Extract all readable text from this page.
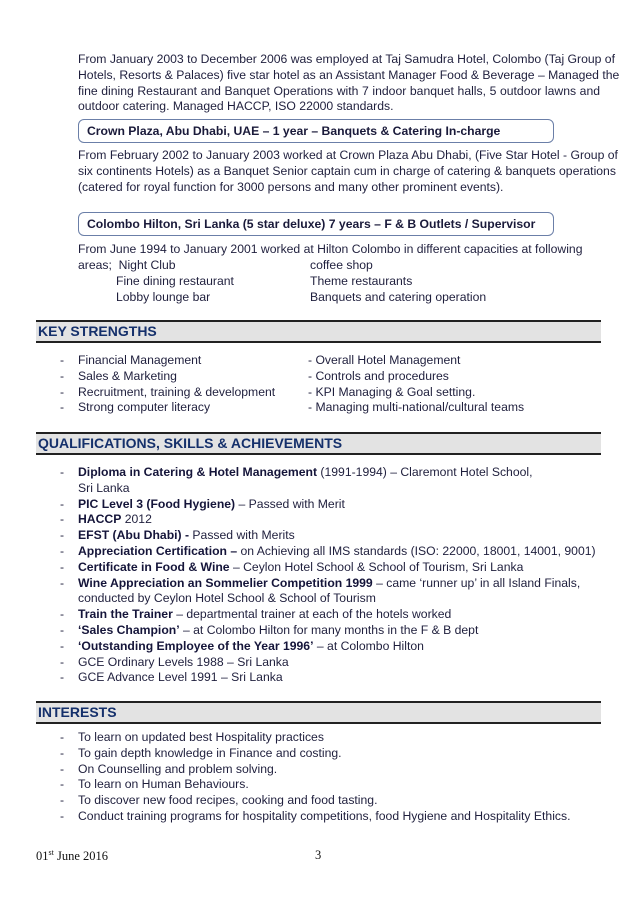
From January 2003 to December 2006 was employed at Taj Samudra Hotel, Colombo (Taj Group of
Hotels, Resorts & Palaces) five star hotel as an Assistant Manager Food & Beverage – Managed the
fine dining Restaurant and Banquet Operations with 7 indoor banquet halls, 5 outdoor lawns and
outdoor catering. Managed HACCP, ISO 22000 standards.
Crown Plaza, Abu Dhabi, UAE – 1 year – Banquets & Catering In-charge
From February 2002 to January 2003 worked at Crown Plaza Abu Dhabi, (Five Star Hotel - Group of
six continents Hotels) as a Banquet Senior captain cum in charge of catering & banquets operations
(catered for royal function for 3000 persons and many other prominent events).
Colombo Hilton, Sri Lanka (5 star deluxe) 7 years – F & B Outlets / Supervisor
From June 1994 to January 2001 worked at Hilton Colombo in different capacities at following
areas; Night Club	coffee shop
Fine dining restaurant	Theme restaurants
Lobby lounge bar	Banquets and catering operation
KEY STRENGTHS
- Financial Management	- Overall Hotel Management
- Sales & Marketing	- Controls and procedures
- Recruitment, training & development	- KPI Managing & Goal setting.
- Strong computer literacy	- Managing multi-national/cultural teams
QUALIFICATIONS, SKILLS & ACHIEVEMENTS
- Diploma in Catering & Hotel Management (1991-1994) – Claremont Hotel School,
Sri Lanka
- PIC Level 3 (Food Hygiene) – Passed with Merit
- HACCP 2012
- EFST (Abu Dhabi) - Passed with Merits
- Appreciation Certification – on Achieving all IMS standards (ISO: 22000, 18001, 14001, 9001)
- Certificate in Food & Wine – Ceylon Hotel School & School of Tourism, Sri Lanka
- Wine Appreciation an Sommelier Competition 1999 – came ‘runner up’ in all Island Finals,
conducted by Ceylon Hotel School & School of Tourism
- Train the Trainer – departmental trainer at each of the hotels worked
- ‘Sales Champion’ – at Colombo Hilton for many months in the F & B dept
- ‘Outstanding Employee of the Year 1996’ – at Colombo Hilton
- GCE Ordinary Levels 1988 – Sri Lanka
- GCE Advance Level 1991 – Sri Lanka
INTERESTS
- To learn on updated best Hospitality practices
- To gain depth knowledge in Finance and costing.
- On Counselling and problem solving.
- To learn on Human Behaviours.
- To discover new food recipes, cooking and food tasting.
- Conduct training programs for hospitality competitions, food Hygiene and Hospitality Ethics.
01st June 2016	3
